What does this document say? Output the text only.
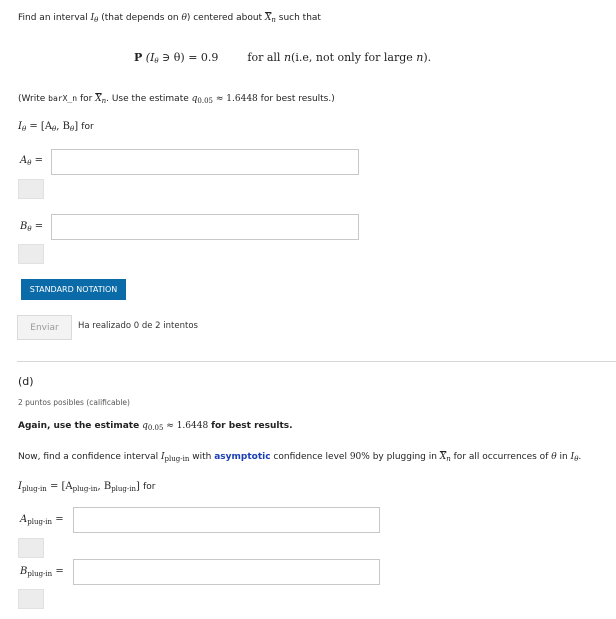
Find an interval $I_\theta$ (that depends on θ) centered about $\overline{X}_n$ such that
P ($I_\theta$ ∋ θ) = 0.9	for all n(i.e, not only for large n).
(Write barX_n for $\overline{X}_n$. Use the estimate $q_{0.05} \approx 1.6448$ for best results.)
$I_\theta = [A_\theta$, $B_\theta$] for
$A_\theta$ =
$B_\theta$ =
STANDARD NOTATION
Enviar	Ha realizado 0 de 2 intentos
(d)
2 puntos posibles (calificable)
Again, use the estimate $q_{0.05} \approx 1.6448$ for best results.
Now, find a confidence interval $I_{plug-in}$ with asymptotic confidence level 90% by plugging in $\overline{X}_n$ for all occurrences of θ in $I_\theta$.
$I_{plug-in} = [A_{plug-in}$, $B_{plug-in}$] for
$A_{plug-in}$ =
$B_{plug-in}$ =
